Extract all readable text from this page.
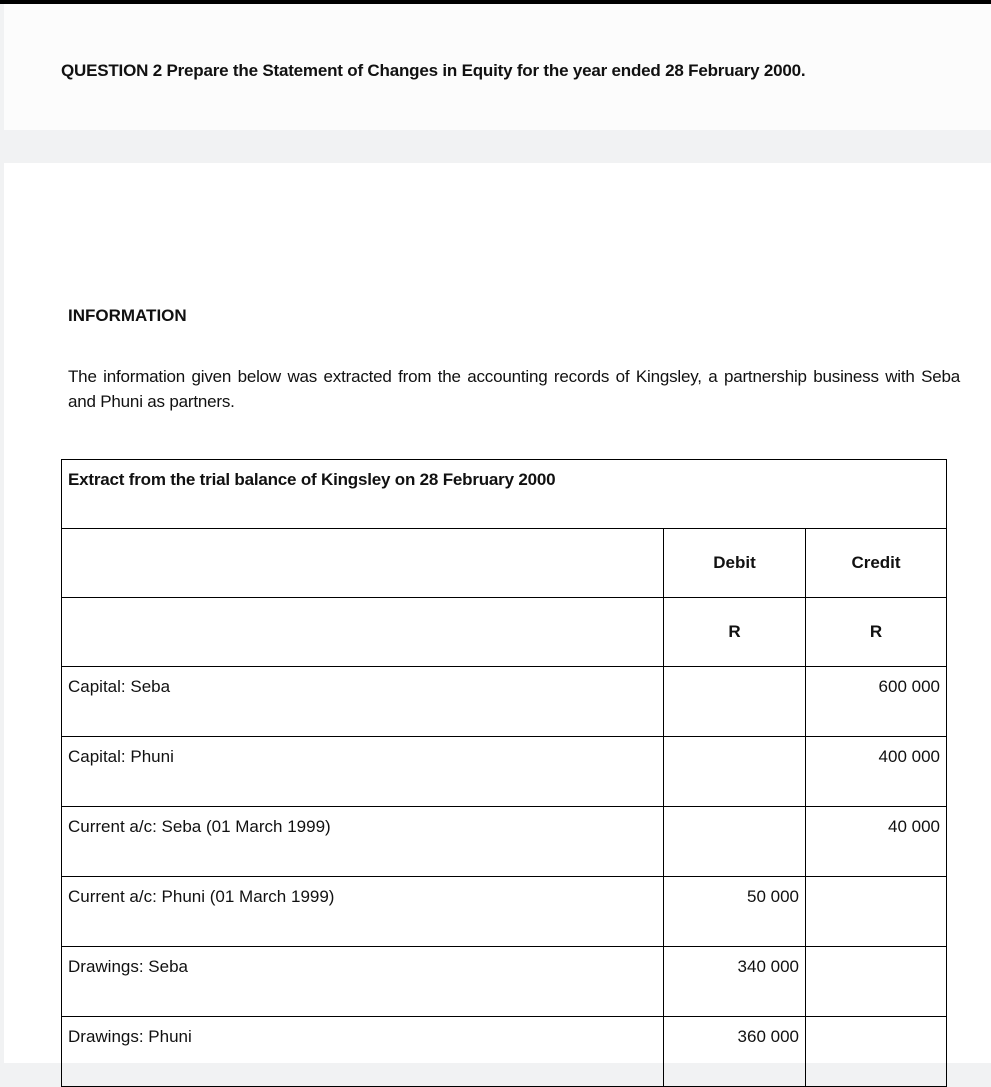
QUESTION 2 Prepare the Statement of Changes in Equity for the year ended 28 February 2000.
INFORMATION
The information given below was extracted from the accounting records of Kingsley, a partnership business with Seba and Phuni as partners.
Extract from the trial balance of Kingsley on 28 February 2000		
	Debit	Credit
	R	R
Capital: Seba		600 000
Capital: Phuni		400 000
Current a/c: Seba (01 March 1999)		40 000
Current a/c: Phuni (01 March 1999)	50 000	
Drawings: Seba	340 000	
Drawings: Phuni	360 000	
